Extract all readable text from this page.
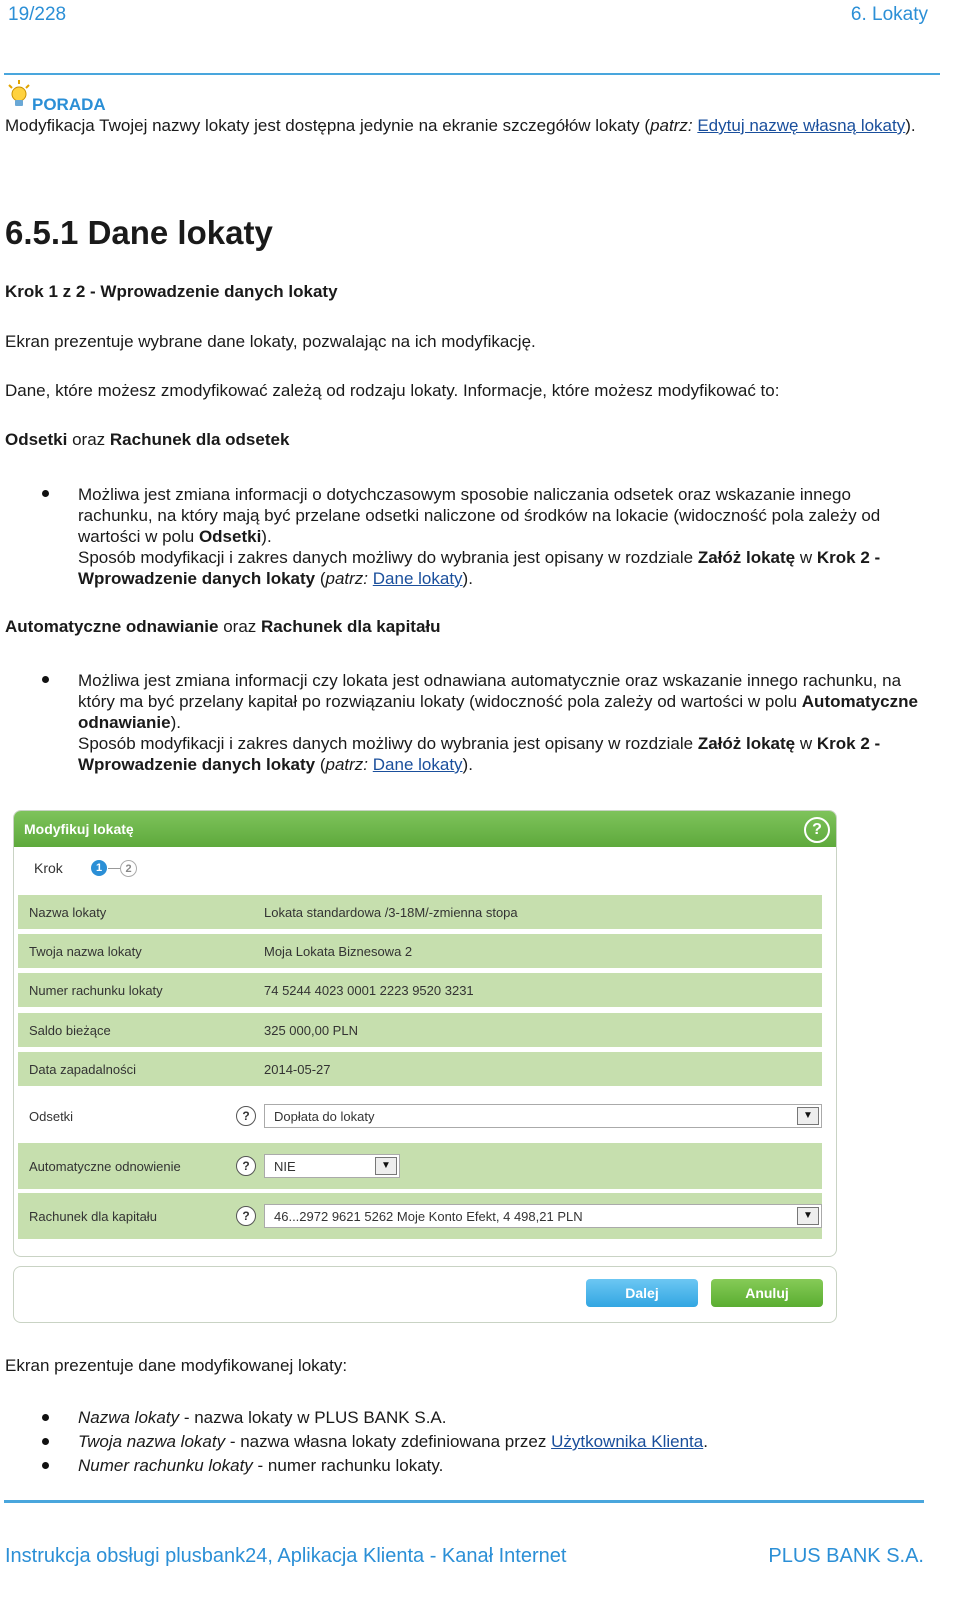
19/228	6. Lokaty
PORADA
Modyfikacja Twojej nazwy lokaty jest dostępna jedynie na ekranie szczegółów lokaty (patrz: Edytuj nazwę własną lokaty).
6.5.1 Dane lokaty
Krok 1 z 2 - Wprowadzenie danych lokaty
Ekran prezentuje wybrane dane lokaty, pozwalając na ich modyfikację.
Dane, które możesz zmodyfikować zależą od rodzaju lokaty. Informacje, które możesz modyfikować to:
Odsetki oraz Rachunek dla odsetek
Możliwa jest zmiana informacji o dotychczasowym sposobie naliczania odsetek oraz wskazanie innego rachunku, na który mają być przelane odsetki naliczone od środków na lokacie (widoczność pola zależy od wartości w polu Odsetki).
Sposób modyfikacji i zakres danych możliwy do wybrania jest opisany w rozdziale Załóż lokatę w Krok 2 - Wprowadzenie danych lokaty (patrz: Dane lokaty).
Automatyczne odnawianie oraz Rachunek dla kapitału
Możliwa jest zmiana informacji czy lokata jest odnawiana automatycznie oraz wskazanie innego rachunku, na który ma być przelany kapitał po rozwiązaniu lokaty (widoczność pola zależy od wartości w polu Automatyczne odnawianie).
Sposób modyfikacji i zakres danych możliwy do wybrania jest opisany w rozdziale Załóż lokatę w Krok 2 - Wprowadzenie danych lokaty (patrz: Dane lokaty).
Modyfikuj lokatę	?
Krok	1	2
Nazwa lokaty	Lokata standardowa /3-18M/-zmienna stopa
Twoja nazwa lokaty	Moja Lokata Biznesowa 2
Numer rachunku lokaty	74 5244 4023 0001 2223 9520 3231
Saldo bieżące	325 000,00 PLN
Data zapadalności	2014-05-27
Odsetki	?	Dopłata do lokaty	▼
Automatyczne odnowienie	?	NIE	▼
Rachunek dla kapitału	?	46...2972 9621 5262 Moje Konto Efekt, 4 498,21 PLN	▼
Dalej	Anuluj
Ekran prezentuje dane modyfikowanej lokaty:
Nazwa lokaty - nazwa lokaty w PLUS BANK S.A.
Twoja nazwa lokaty - nazwa własna lokaty zdefiniowana przez Użytkownika Klienta.
Numer rachunku lokaty - numer rachunku lokaty.
Instrukcja obsługi plusbank24, Aplikacja Klienta - Kanał Internet	PLUS BANK S.A.
